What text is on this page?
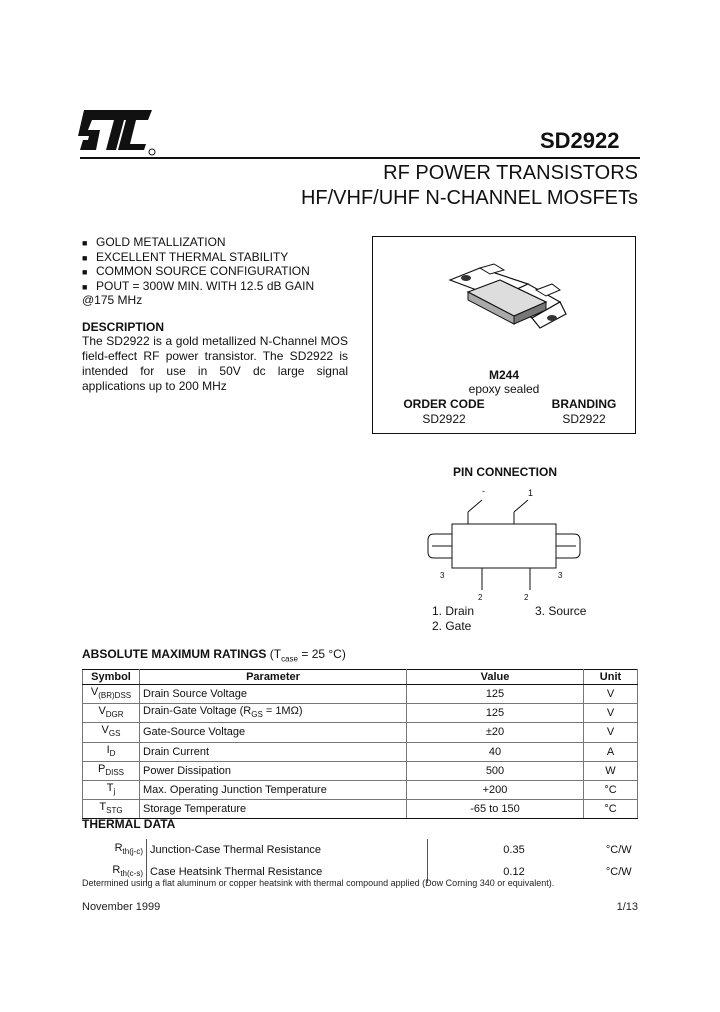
SD2922
RF POWER TRANSISTORS
HF/VHF/UHF N-CHANNEL MOSFETs
■ GOLD METALLIZATION
■ EXCELLENT THERMAL STABILITY
■ COMMON SOURCE CONFIGURATION
■ POUT = 300W MIN. WITH 12.5 dB GAIN
@175 MHz
DESCRIPTION
The SD2922 is a gold metallized N-Channel MOS field-effect RF power transistor. The SD2922 is intended for use in 50V dc large signal applications up to 200 MHz
M244
epoxy sealed
ORDER CODE
SD2922
BRANDING
SD2922
PIN CONNECTION
-	1
3
2	2
3
1. Drain
2. Gate
3. Source
ABSOLUTE MAXIMUM RATINGS ($T_{case} = 25$ °C)
Symbol	Parameter	Value	Unit
$V_{(BR)DSS}$	Drain Source Voltage	125	V
$V_{DGR}$	Drain-Gate Voltage $(R_{GS} = 1M\Omega)$	125	V
$V_{GS}$	Gate-Source Voltage	±20	V
$I_D$	Drain Current	40	A
$P_{DISS}$	Power Dissipation	500	W
$T_j$	Max. Operating Junction Temperature	+200	°C
$T_{STG}$	Storage Temperature	-65 to 150	°C
THERMAL DATA
$R_{th(j-c)}$	Junction-Case Thermal Resistance	0.35	°C/W
$R_{th(c-s)}$	Case Heatsink Thermal Resistance	0.12	°C/W
Determined using a flat aluminum or copper heatsink with thermal compound applied (Dow Corning 340 or equivalent).
November 1999	1/13
